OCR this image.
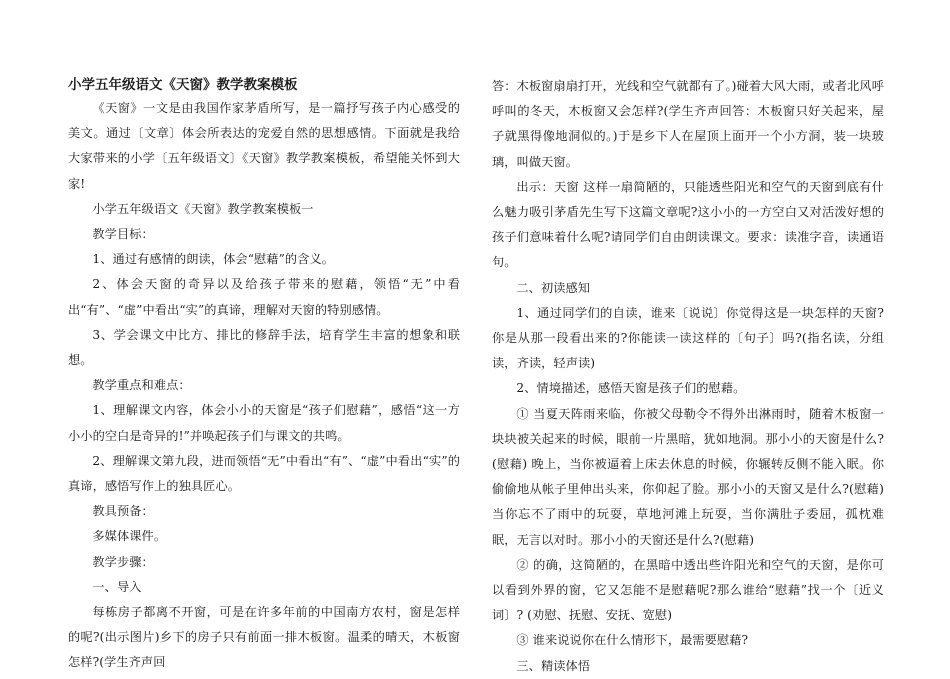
小学五年级语文《天窗》教学教案模板

《天窗》一文是由我国作家茅盾所写，是一篇抒写孩子内心感受的美文。通过〔文章〕体会所表达的宠爱自然的思想感情。下面就是我给大家带来的小学〔五年级语文〕《天窗》教学教案模板，希望能关怀到大家!

小学五年级语文《天窗》教学教案模板一

教学目标：

1、通过有感情的朗读，体会“慰藉”的含义。

2、体会天窗的奇异以及给孩子带来的慰藉，领悟“无”中看出“有”、“虚”中看出“实”的真谛，理解对天窗的特别感情。

3、学会课文中比方、排比的修辞手法，培育学生丰富的想象和联想。

教学重点和难点：

1、理解课文内容，体会小小的天窗是“孩子们慰藉”，感悟“这一方小小的空白是奇异的!”并唤起孩子们与课文的共鸣。

2、理解课文第九段，进而领悟“无”中看出“有”、“虚”中看出“实”的真谛，感悟写作上的独具匠心。

教具预备：

多媒体课件。

教学步骤：

一、导入

每栋房子都离不开窗，可是在许多年前的中国南方农村，窗是怎样的呢?(出示图片)乡下的房子只有前面一排木板窗。温柔的晴天，木板窗怎样?(学生齐声回

答：木板窗扇扇打开，光线和空气就都有了。)碰着大风大雨，或者北风呼呼叫的冬天，木板窗又会怎样?(学生齐声回答：木板窗只好关起来，屋子就黑得像地洞似的。)于是乡下人在屋顶上面开一个小方洞，装一块玻璃，叫做天窗。

出示：天窗 这样一扇简陋的，只能透些阳光和空气的天窗到底有什么魅力吸引茅盾先生写下这篇文章呢?这小小的一方空白又对活泼好想的孩子们意味着什么呢?请同学们自由朗读课文。要求：读准字音，读通语句。

二、初读感知

1、通过同学们的自读，谁来〔说说〕你觉得这是一块怎样的天窗?你是从那一段看出来的?你能读一读这样的〔句子〕吗?(指名读，分组读，齐读，轻声读)

2、情境描述，感悟天窗是孩子们的慰藉。

① 当夏天阵雨来临，你被父母勒令不得外出淋雨时，随着木板窗一块块被关起来的时候，眼前一片黑暗，犹如地洞。那小小的天窗是什么?(慰藉) 晚上，当你被逼着上床去休息的时候，你辗转反侧不能入眠。你偷偷地从帐子里伸出头来，你仰起了脸。那小小的天窗又是什么?(慰藉) 当你忘不了雨中的玩耍，草地河滩上玩耍，当你满肚子委屈，孤枕难眠，无言以对时。那小小的天窗还是什么?(慰藉)

② 的确，这简陋的，在黑暗中透出些许阳光和空气的天窗，是你可以看到外界的窗，它又怎能不是慰藉呢?那么谁给“慰藉”找一个〔近义词〕? (劝慰、抚慰、安抚、宽慰)

③ 谁来说说你在什么情形下，最需要慰藉?

三、精读体悟
